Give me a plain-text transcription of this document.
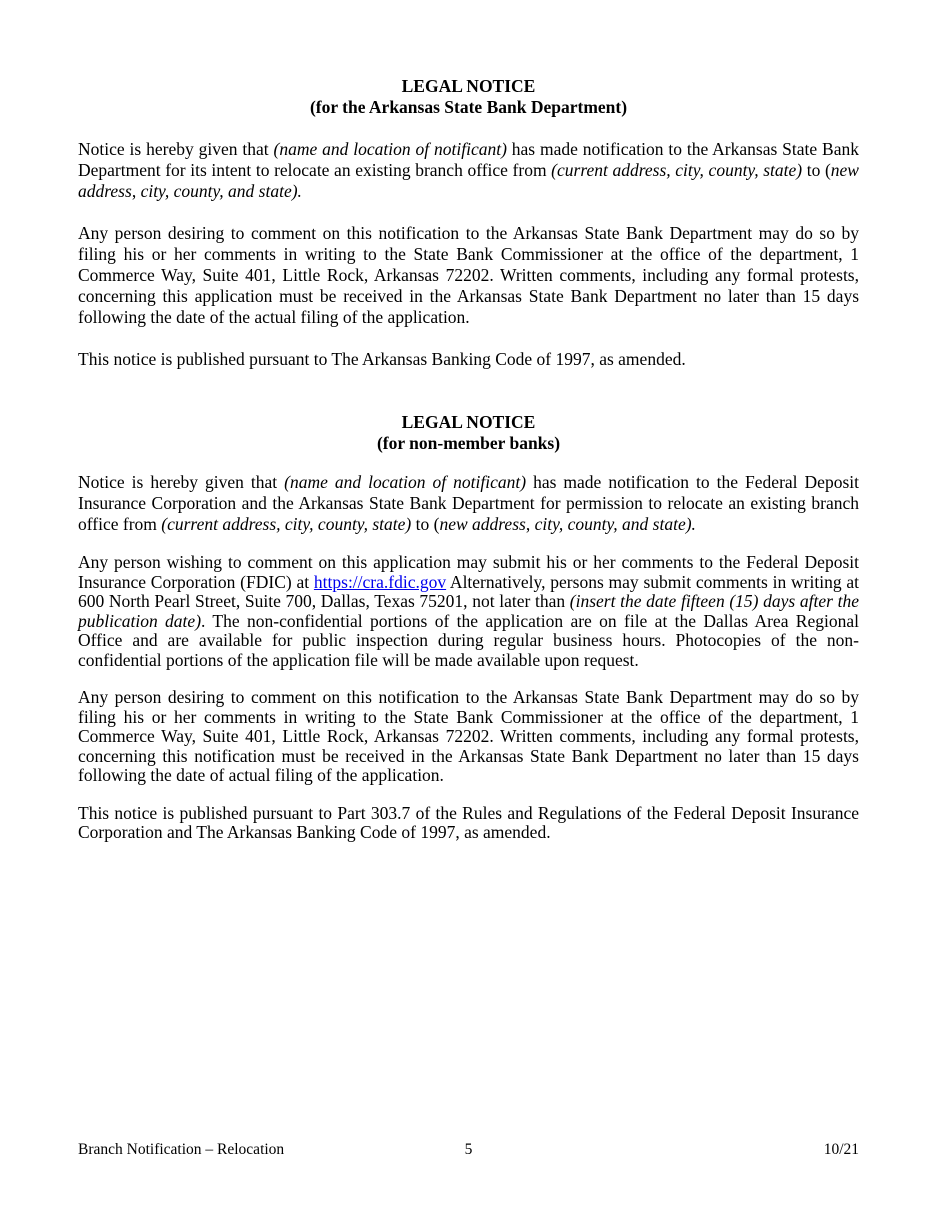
LEGAL NOTICE
(for the Arkansas State Bank Department)

Notice is hereby given that (name and location of notificant) has made notification to the Arkansas State Bank Department for its intent to relocate an existing branch office from (current address, city, county, state) to (new address, city, county, and state).

Any person desiring to comment on this notification to the Arkansas State Bank Department may do so by filing his or her comments in writing to the State Bank Commissioner at the office of the department, 1 Commerce Way, Suite 401, Little Rock, Arkansas 72202. Written comments, including any formal protests, concerning this application must be received in the Arkansas State Bank Department no later than 15 days following the date of the actual filing of the application.

This notice is published pursuant to The Arkansas Banking Code of 1997, as amended.

LEGAL NOTICE
(for non-member banks)

Notice is hereby given that (name and location of notificant) has made notification to the Federal Deposit Insurance Corporation and the Arkansas State Bank Department for permission to relocate an existing branch office from (current address, city, county, state) to (new address, city, county, and state).

Any person wishing to comment on this application may submit his or her comments to the Federal Deposit Insurance Corporation (FDIC) at https://cra.fdic.gov Alternatively, persons may submit comments in writing at 600 North Pearl Street, Suite 700, Dallas, Texas 75201, not later than (insert the date fifteen (15) days after the publication date). The non-confidential portions of the application are on file at the Dallas Area Regional Office and are available for public inspection during regular business hours. Photocopies of the non-confidential portions of the application file will be made available upon request.

Any person desiring to comment on this notification to the Arkansas State Bank Department may do so by filing his or her comments in writing to the State Bank Commissioner at the office of the department, 1 Commerce Way, Suite 401, Little Rock, Arkansas 72202. Written comments, including any formal protests, concerning this notification must be received in the Arkansas State Bank Department no later than 15 days following the date of actual filing of the application.

This notice is published pursuant to Part 303.7 of the Rules and Regulations of the Federal Deposit Insurance Corporation and The Arkansas Banking Code of 1997, as amended.

Branch Notification – Relocation	5	10/21
